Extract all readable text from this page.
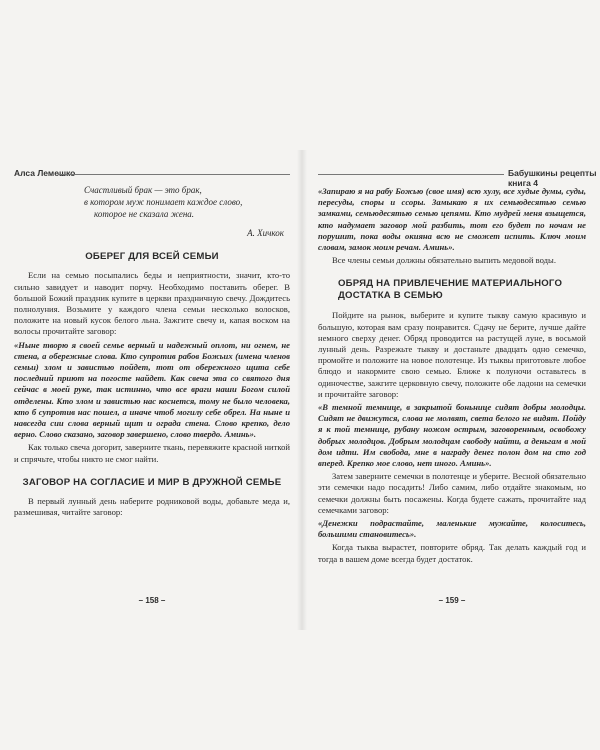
Алса Лемешко	Бабушкины рецепты книга 4

Счастливый брак — это брак,

в котором муж понимает каждое слово,

которое не сказала жена.

А. Хичкок
ОБЕРЕГ ДЛЯ ВСЕЙ СЕМЬИ

Если на семью посыпались беды и неприятности, значит, кто-то сильно завидует и наводит порчу. Необходимо поставить оберег. В большой Божий праздник купите в церкви праздничную свечу. Дождитесь полнолуния. Возьмите у каждого члена семьи несколько волосков, положите на новый кусок белого льна. Зажгите свечу и, капая воском на волосы прочитайте заговор:

«Ныне творю я своей семье верный и надежный оплот, ни огнем, не стена, а обережные слова. Кто супротив рабов Божьих (имена членов семьи) злом и завистью пойдет, тот от обережного щита себе последний приют на погосте найдет. Как свеча эта со святого дня сейчас в моей руке, так истинно, что все враги наши Богом силой отделены. Кто злом и завистью нас коснется, тому не было человека, кто б супротив нас пошел, а иначе чтоб могилу себе обрел. На ныне и навсегда сии слова верный щит и ограда стена. Слово крепко, дело верно. Слово сказано, заговор завершено, слово твердо. Аминь».

Как только свеча догорит, заверните ткань, перевяжите красной ниткой и спрячьте, чтобы никто не смог найти.

ЗАГОВОР НА СОГЛАСИЕ И МИР В ДРУЖНОЙ СЕМЬЕ

В первый лунный день наберите родниковой воды, добавьте меда и, размешивая, читайте заговор:

– 158 –

«Запираю я на рабу Божью (свое имя) всю хулу, все худые думы, суды, пересуды, споры и ссоры. Замыкаю я их семьюдесятью семью замками, семьюдесятью семью цепями. Кто мудрей меня взыщется, кто надумает заговор мой разбить, тот его будет по ночам не порушит, пока воды окияна всю не сможет испить. Ключ моим словам, замок моим речам. Аминь».

Все члены семьи должны обязательно выпить медовой воды.

ОБРЯД НА ПРИВЛЕЧЕНИЕ МАТЕРИАЛЬНОГО ДОСТАТКА В СЕМЬЮ

Пойдите на рынок, выберите и купите тыкву самую красивую и большую, которая вам сразу понравится. Сдачу не берите, лучше дайте немного сверху денег. Обряд проводится на растущей луне, в восьмой лунный день. Разрежьте тыкву и достаньте двадцать одно семечко, промойте и положите на новое полотенце. Из тыквы приготовьте любое блюдо и накормите свою семью. Ближе к полуночи оставьтесь в одиночестве, зажгите церковную свечу, положите обе ладони на семечки и прочитайте заговор:

«В темной темнице, в закрытой боньнице сидят добры молодцы. Сидят не движутся, слова не молвят, света белого не видят. Пойду я к той темнице, рубану ножом острым, заговоренным, освобожу добрых молодцов. Добрым молодцам свободу найти, а деньгам в мой дом идти. Им свобода, мне в награду денег полон дом на сто год вперед. Крепко мое слово, нет иного. Аминь».

Затем заверните семечки в полотенце и уберите. Весной обязательно эти семечки надо посадить! Либо самим, либо отдайте знакомым, но семечки должны быть посажены. Когда будете сажать, прочитайте над семечками заговор:

«Денежки подрастайте, маленькие мужайте, колоситесь, большими становитесь».

Когда тыква вырастет, повторите обряд. Так делать каждый год и тогда в вашем доме всегда будет достаток.

– 159 –
